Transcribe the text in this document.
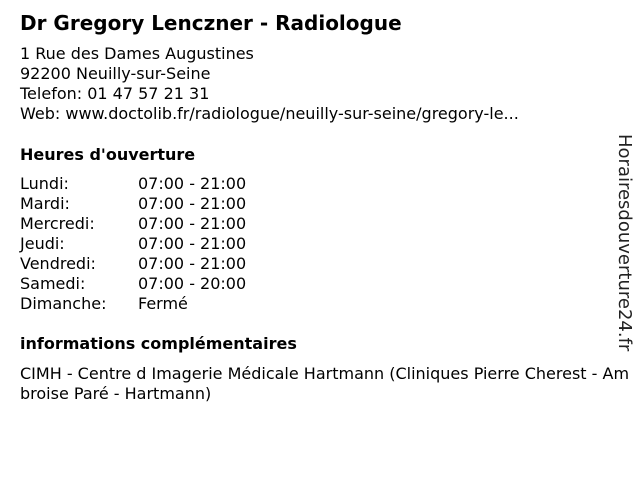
Dr Gregory Lenczner - Radiologue
1 Rue des Dames Augustines
92200 Neuilly-sur-Seine
Telefon: 01 47 57 21 31
Web: www.doctolib.fr/radiologue/neuilly-sur-seine/gregory-le...
Heures d'ouverture
Lundi:	07:00 - 21:00
Mardi:	07:00 - 21:00
Mercredi:	07:00 - 21:00
Jeudi:	07:00 - 21:00
Vendredi:	07:00 - 21:00
Samedi:	07:00 - 20:00
Dimanche: Fermé
informations complémentaires
CIMH - Centre d Imagerie Médicale Hartmann (Cliniques Pierre Cherest - Ambroise Paré - Hartmann)
Horairesdouverture24.fr
